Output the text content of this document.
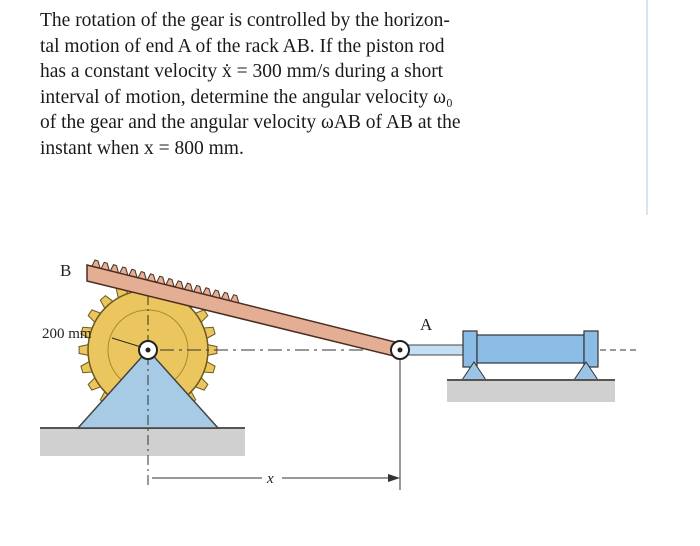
The rotation of the gear is controlled by the horizon-
tal motion of end A of the rack AB. If the piston rod
has a constant velocity ẋ = 300 mm/s during a short
interval of motion, determine the angular velocity ω₀
of the gear and the angular velocity ωAB of AB at the
instant when x = 800 mm.
200 mm
B
A
x
